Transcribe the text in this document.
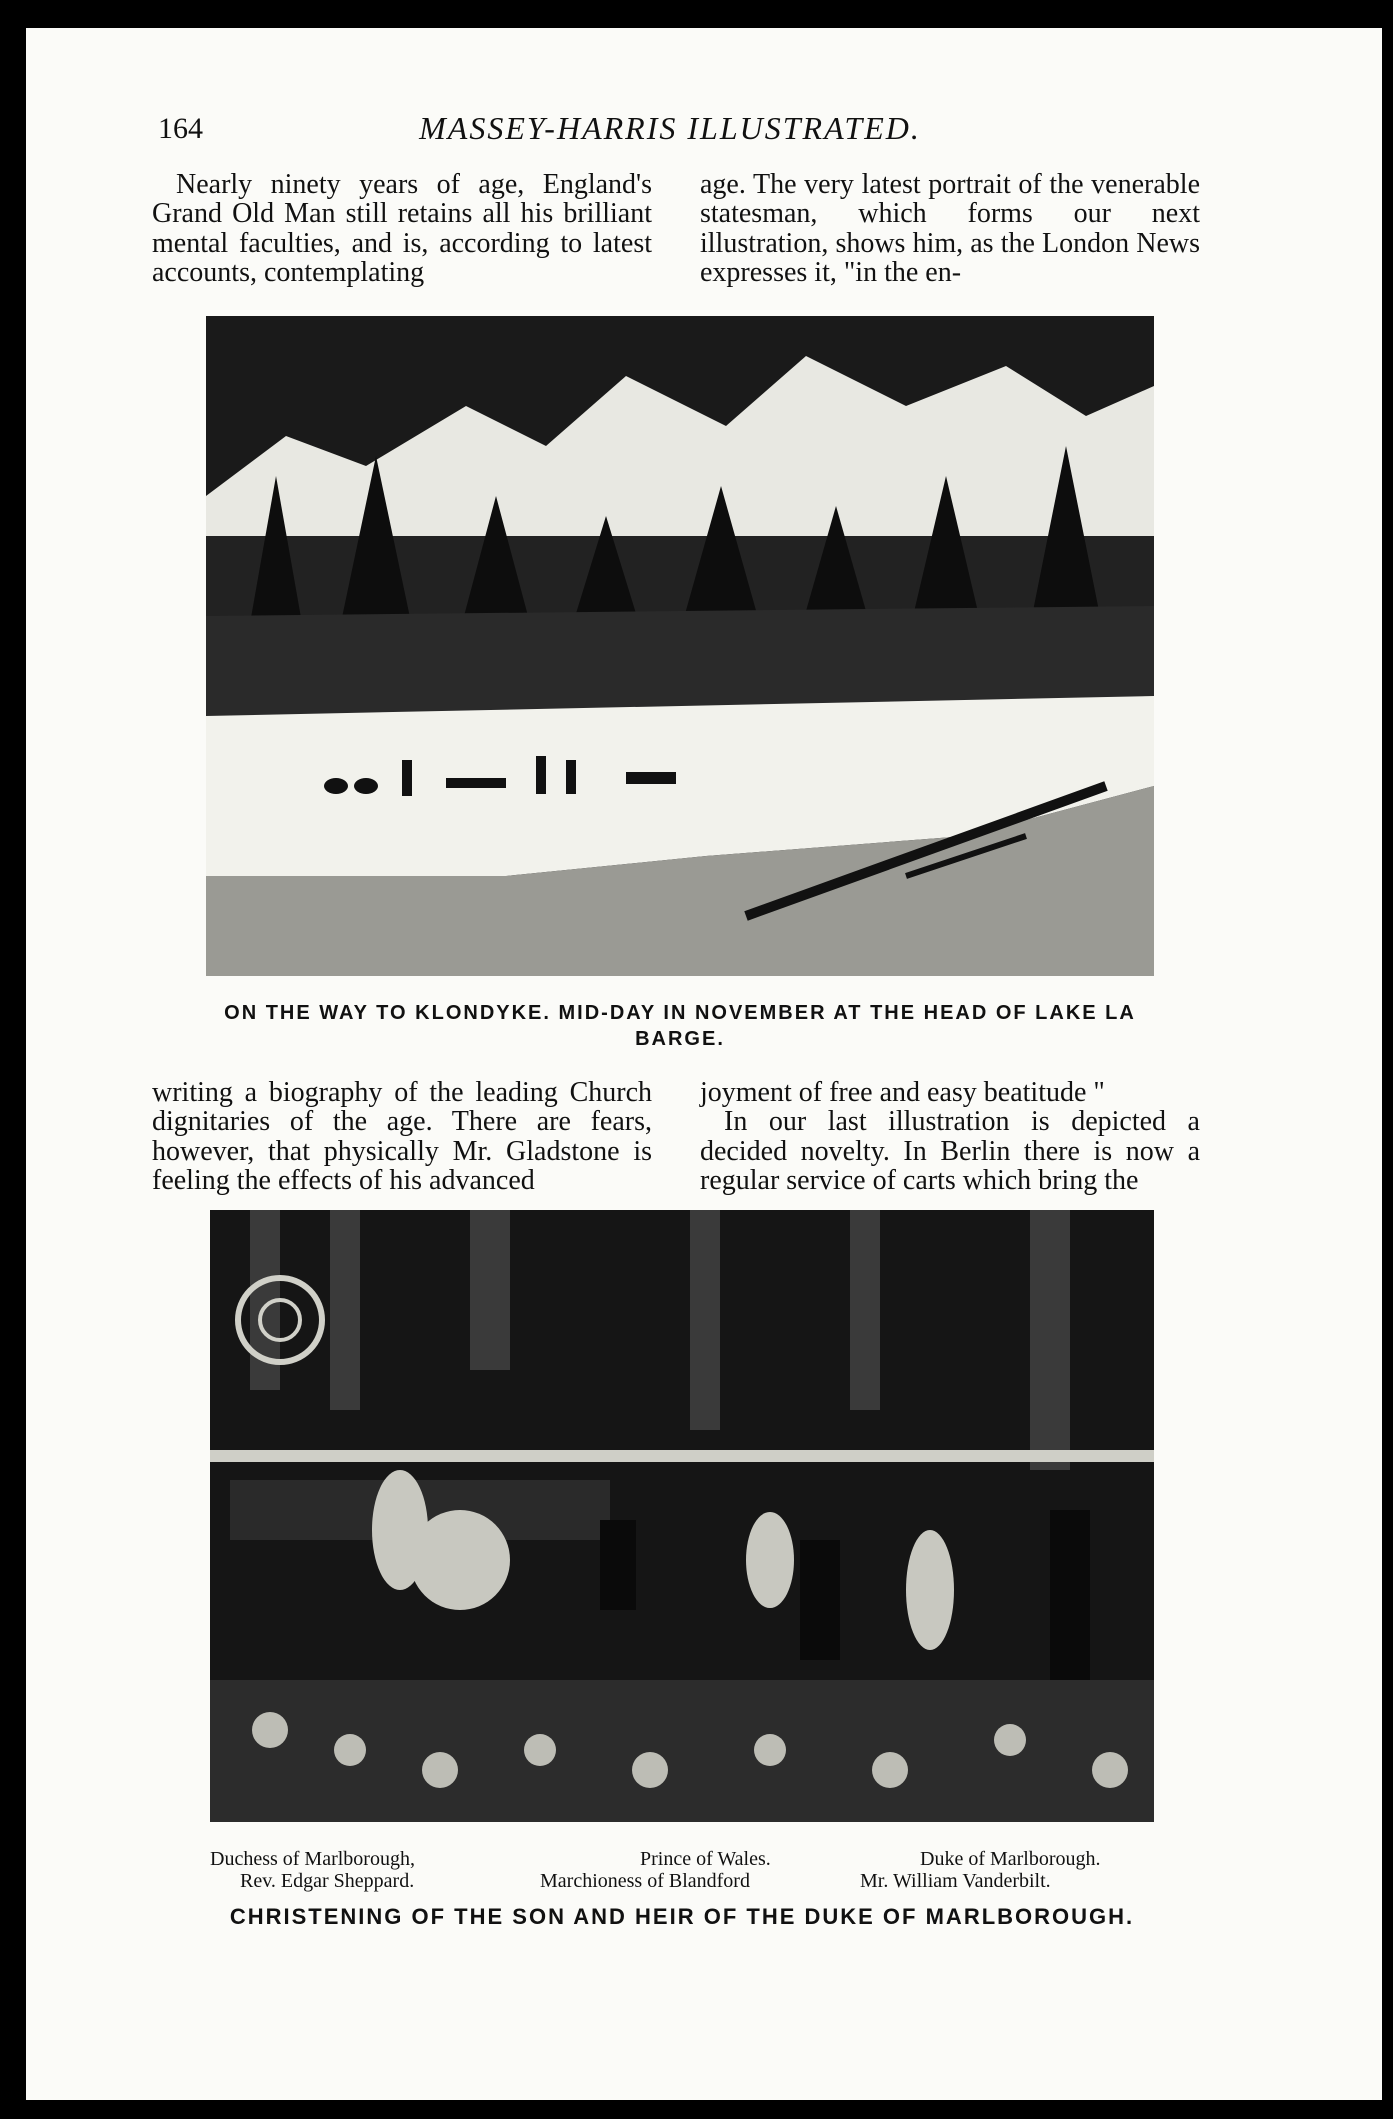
164	MASSEY-HARRIS ILLUSTRATED.

Nearly ninety years of age, England's Grand Old Man still retains all his brilliant mental faculties, and is, according to latest accounts, contemplating

age. The very latest portrait of the venerable statesman, which forms our next illustration, shows him, as the London News expresses it, "in the en-

ON THE WAY TO KLONDYKE. MID-DAY IN NOVEMBER AT THE HEAD OF LAKE LA BARGE.

writing a biography of the leading Church dignitaries of the age. There are fears, however, that physically Mr. Gladstone is feeling the effects of his advanced

joyment of free and easy beatitude "

In our last illustration is depicted a decided novelty. In Berlin there is now a regular service of carts which bring the

Duchess of Marlborough,	Prince of Wales.	Duke of Marlborough.
Rev. Edgar Sheppard.	Marchioness of Blandford	Mr. William Vanderbilt.
CHRISTENING OF THE SON AND HEIR OF THE DUKE OF MARLBOROUGH.
